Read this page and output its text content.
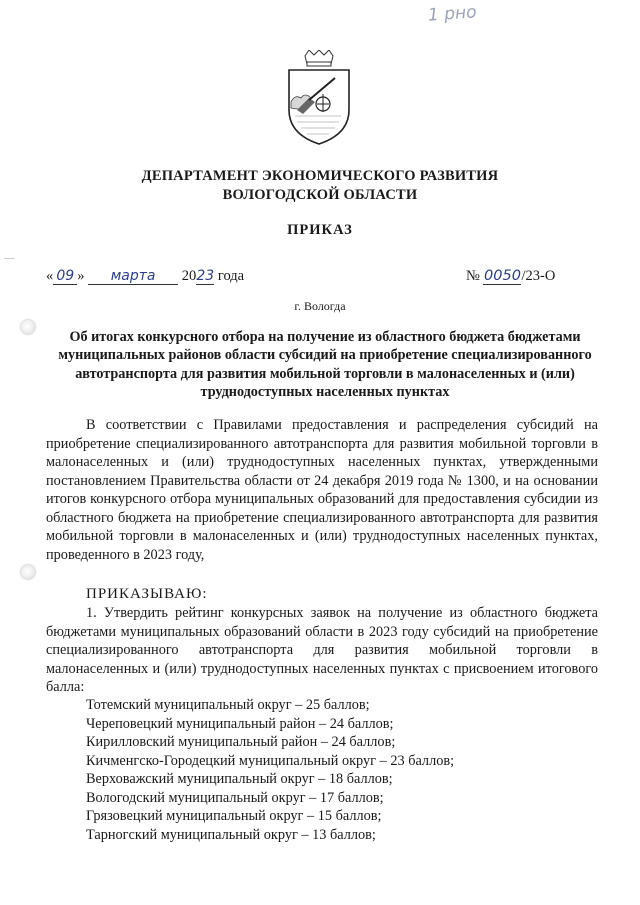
1 рно
ДЕПАРТАМЕНТ ЭКОНОМИЧЕСКОГО РАЗВИТИЯ
ВОЛОГОДСКОЙ ОБЛАСТИ
ПРИКАЗ
« 09 » марта 2023 года	№ 0050/23-О
г. Вологда
Об итогах конкурсного отбора на получение из областного бюджета бюджетами муниципальных районов области субсидий на приобретение специализированного автотранспорта для развития мобильной торговли в малонаселенных и (или) труднодоступных населенных пунктах
В соответствии с Правилами предоставления и распределения субсидий на приобретение специализированного автотранспорта для развития мобильной торговли в малонаселенных и (или) труднодоступных населенных пунктах, утвержденными постановлением Правительства области от 24 декабря 2019 года № 1300, и на основании итогов конкурсного отбора муниципальных образований для предоставления субсидии из областного бюджета на приобретение специализированного автотранспорта для развития мобильной торговли в малонаселенных и (или) труднодоступных населенных пунктах, проведенного в 2023 году,
ПРИКАЗЫВАЮ:
1. Утвердить рейтинг конкурсных заявок на получение из областного бюджета бюджетами муниципальных образований области в 2023 году субсидий на приобретение специализированного автотранспорта для развития мобильной торговли в малонаселенных и (или) труднодоступных населенных пунктах с присвоением итогового балла:
Тотемский муниципальный округ – 25 баллов;
Череповецкий муниципальный район – 24 баллов;
Кирилловский муниципальный район – 24 баллов;
Кичменгско-Городецкий муниципальный округ – 23 баллов;
Верховажский муниципальный округ – 18 баллов;
Вологодский муниципальный округ – 17 баллов;
Грязовецкий муниципальный округ – 15 баллов;
Тарногский муниципальный округ – 13 баллов;
